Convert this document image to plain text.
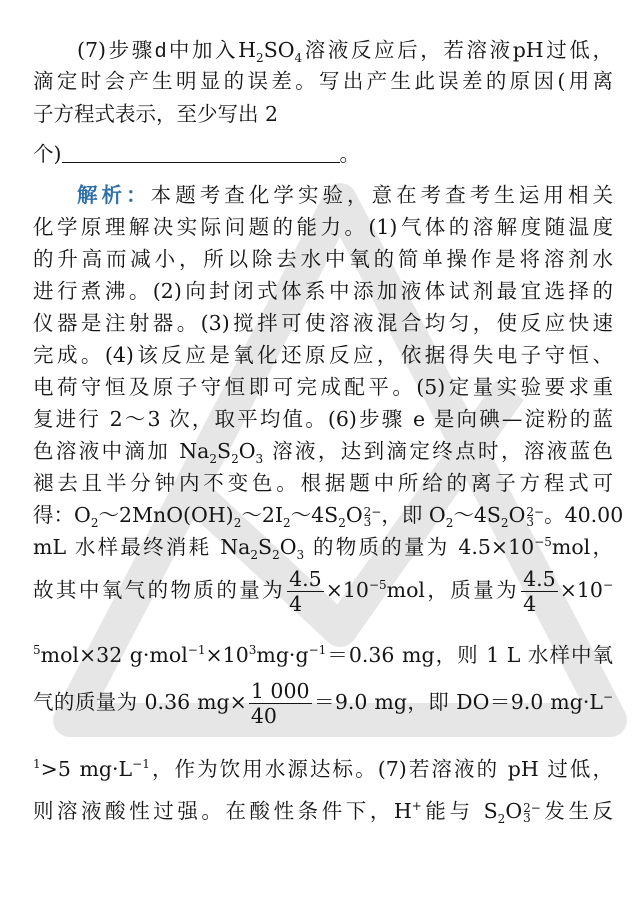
(7)步骤d中加入$H_2SO_4$溶液反应后，若溶液pH过低，
滴定时会产生明显的误差。写出产生此误差的原因(用离
子方程式表示，至少写出 2
个)	。
解析：本题考查化学实验，意在考查考生运用相关
化学原理解决实际问题的能力。(1)气体的溶解度随温度
的升高而减小，所以除去水中氧的简单操作是将溶剂水
进行煮沸。(2)向封闭式体系中添加液体试剂最宜选择的
仪器是注射器。(3)搅拌可使溶液混合均匀，使反应快速
完成。(4)该反应是氧化还原反应，依据得失电子守恒、
电荷守恒及原子守恒即可完成配平。(5)定量实验要求重
复进行 2～3 次，取平均值。(6)步骤 e 是向碘—淀粉的蓝
色溶液中滴加 $Na_2S_2O_3$ 溶液，达到滴定终点时，溶液蓝色
褪去且半分钟内不变色。根据题中所给的离子方程式可
得：$O_2\sim 2MnO(OH)_2\sim 2I_2\sim 4S_2O$ 2−
3 ，即 $O_2\sim 4S_2O$ 2−
3 。40.00
mL 水样最终消耗 $Na_2S_2O_3$ 的物质的量为 $4.5\times 10^{-5}mol$，
故其中氧气的物质的量为 $\frac{4.5}{4} \times 10^{-5}mol$，质量为 $\frac{4.5}{4} \times 10^-$
$^5$mol×32 $g\cdot mol^{-1}\times 10^3mg\cdot g^{-1}=0.36$ mg，则 1 L 水样中氧
气的质量为 0.36 $mg\times \frac{1 000}{40} =9.0$ mg，即 DO＝9.0 mg·L−
$^1$>5 $mg\cdot L^{-1}$，作为饮用水源达标。(7)若溶液的 pH 过低，
则溶液酸性过强。在酸性条件下，H+能与 $S_2O$ 2−
3 发生反
